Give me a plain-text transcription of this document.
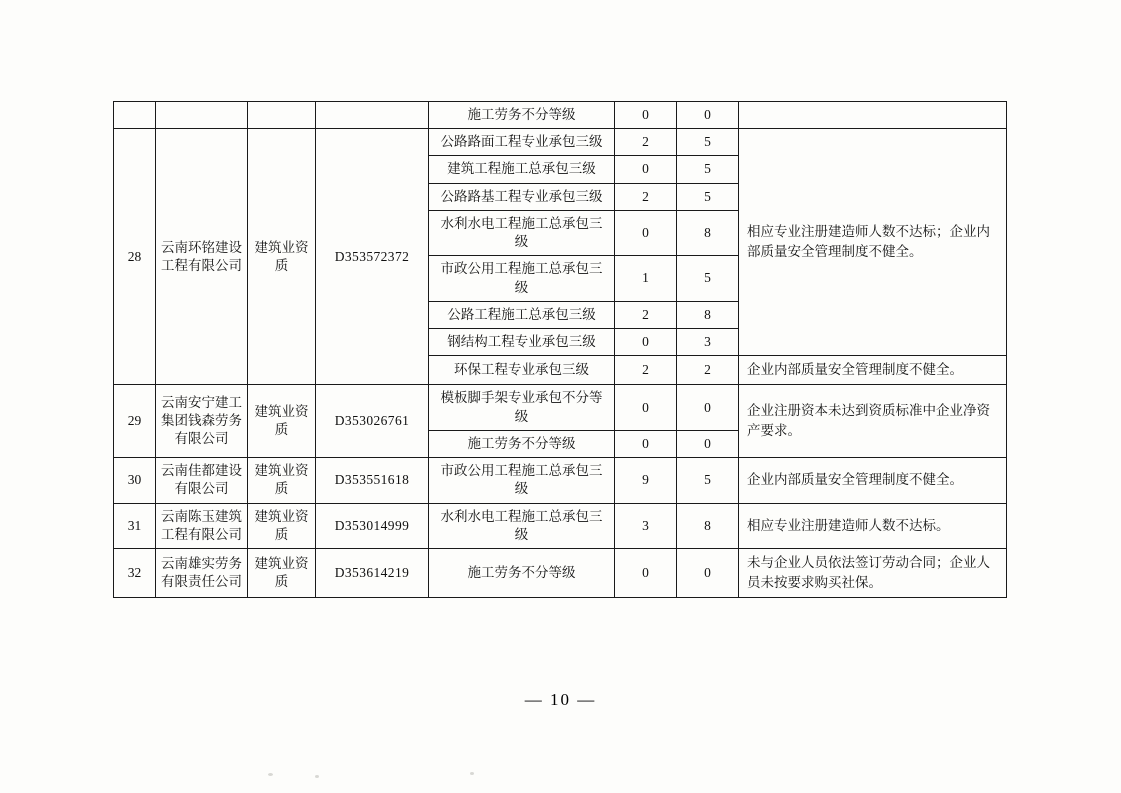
				施工劳务不分等级	0	0	
28	云南环铭建设工程有限公司	建筑业资质	D353572372	公路路面工程专业承包三级	2	5	相应专业注册建造师人数不达标；企业内部质量安全管理制度不健全。
				建筑工程施工总承包三级	0	5	
				公路路基工程专业承包三级	2	5	
				水利水电工程施工总承包三级	0	8	
				市政公用工程施工总承包三级	1	5	
				公路工程施工总承包三级	2	8	
				钢结构工程专业承包三级	0	3	
				环保工程专业承包三级	2	2	企业内部质量安全管理制度不健全。
29	云南安宁建工集团钱森劳务有限公司	建筑业资质	D353026761	模板脚手架专业承包不分等级	0	0	企业注册资本未达到资质标准中企业净资产要求。
				施工劳务不分等级	0	0	
30	云南佳都建设有限公司	建筑业资质	D353551618	市政公用工程施工总承包三级	9	5	企业内部质量安全管理制度不健全。
31	云南陈玉建筑工程有限公司	建筑业资质	D353014999	水利水电工程施工总承包三级	3	8	相应专业注册建造师人数不达标。
32	云南雄实劳务有限责任公司	建筑业资质	D353614219	施工劳务不分等级	0	0	未与企业人员依法签订劳动合同；企业人员未按要求购买社保。
— 10 —
